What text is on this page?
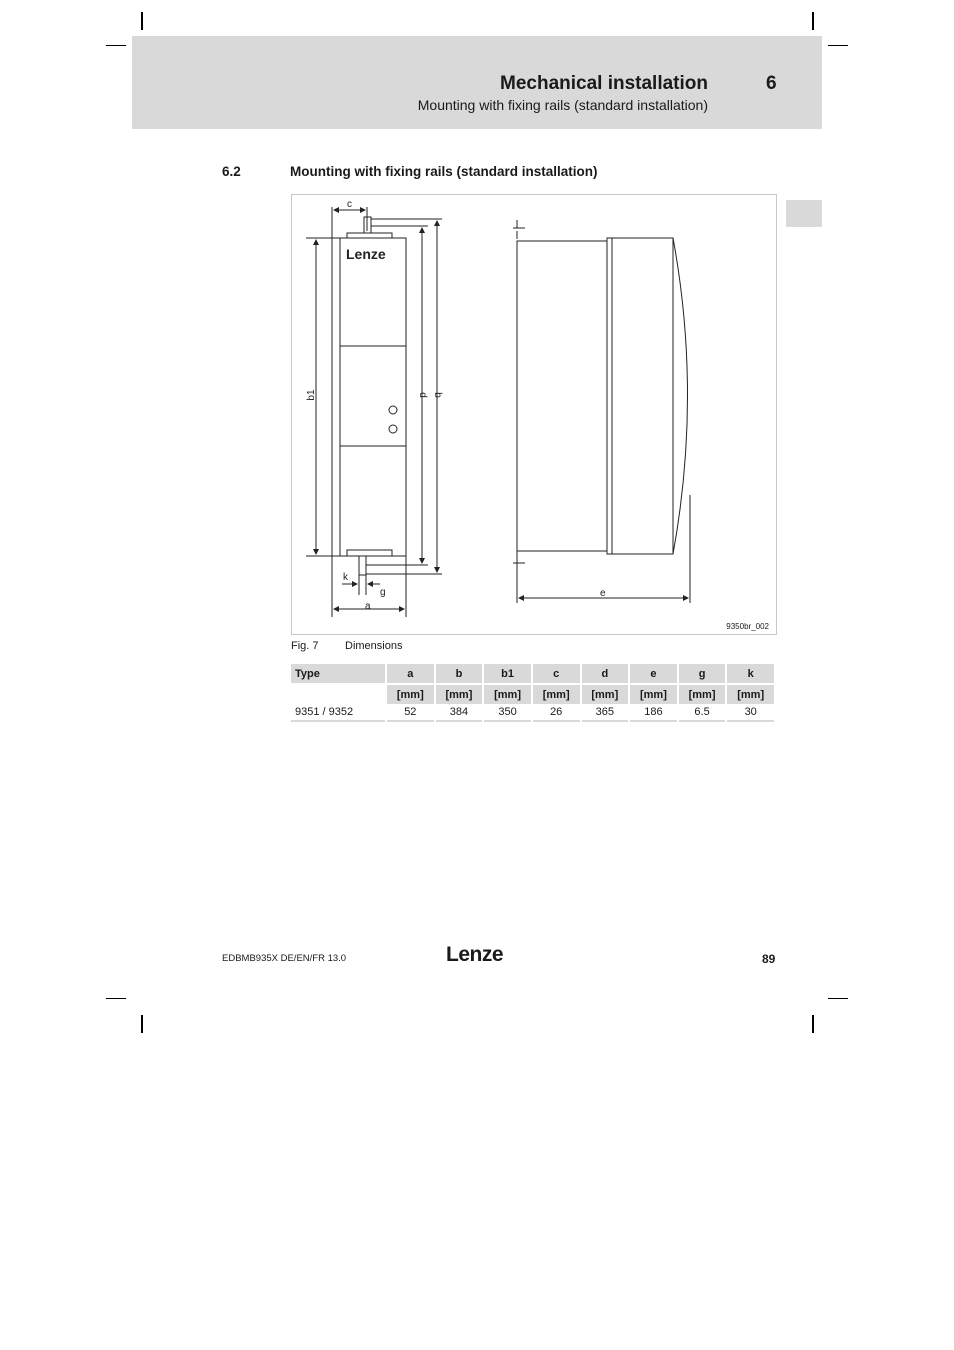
Mechanical installation	6
Mounting with fixing rails (standard installation)
6.2	Mounting with fixing rails (standard installation)
Lenze
c
b1	d b
k
g
a
e
9350br_002
Fig. 7 Dimensions
Type	a	b	b1	c	d	e	g	k
	[mm]	[mm]	[mm]	[mm]	[mm]	[mm]	[mm]	[mm]
9351 / 9352	52	384	350	26	365	186	6.5	30
EDBMB935X DE/EN/FR 13.0	Lenze	89
